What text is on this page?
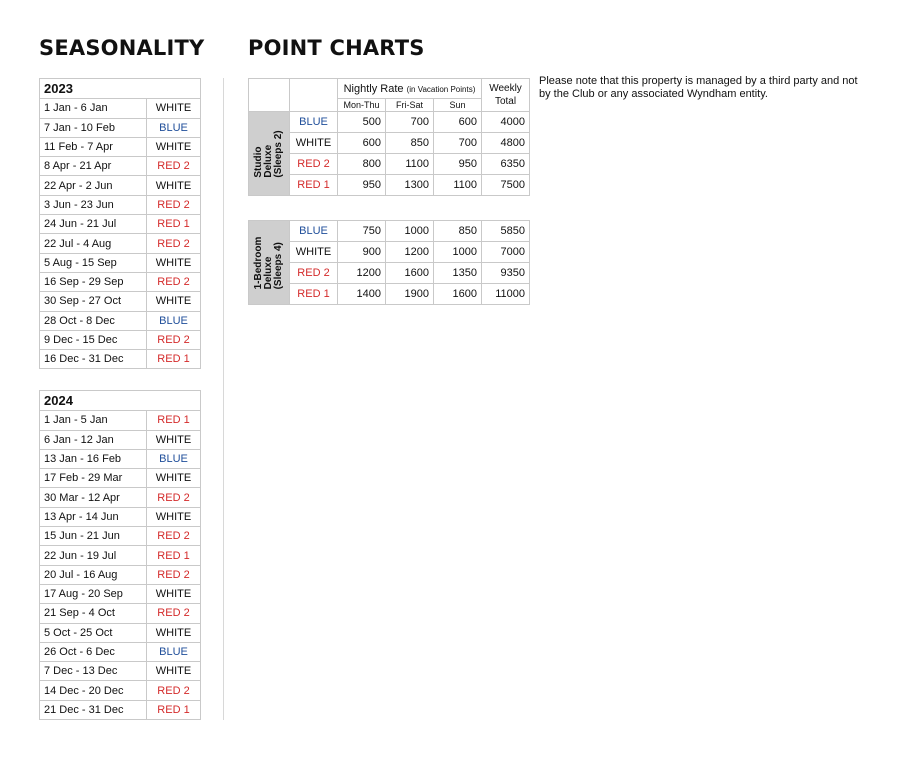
SEASONALITY POINT CHARTS
2023	
1 Jan - 6 Jan	WHITE
7 Jan - 10 Feb	BLUE
11 Feb - 7 Apr	WHITE
8 Apr - 21 Apr	RED 2
22 Apr - 2 Jun	WHITE
3 Jun - 23 Jun	RED 2
24 Jun - 21 Jul	RED 1
22 Jul - 4 Aug	RED 2
5 Aug - 15 Sep	WHITE
16 Sep - 29 Sep	RED 2
30 Sep - 27 Oct	WHITE
28 Oct - 8 Dec	BLUE
9 Dec - 15 Dec	RED 2
16 Dec - 31 Dec	RED 1
2024	
1 Jan - 5 Jan	RED 1
6 Jan - 12 Jan	WHITE
13 Jan - 16 Feb	BLUE
17 Feb - 29 Mar	WHITE
30 Mar - 12 Apr	RED 2
13 Apr - 14 Jun	WHITE
15 Jun - 21 Jun	RED 2
22 Jun - 19 Jul	RED 1
20 Jul - 16 Aug	RED 2
17 Aug - 20 Sep	WHITE
21 Sep - 4 Oct	RED 2
5 Oct - 25 Oct	WHITE
26 Oct - 6 Dec	BLUE
7 Dec - 13 Dec	WHITE
14 Dec - 20 Dec	RED 2
21 Dec - 31 Dec	RED 1
		Nightly Rate (in Vacation Points)			Weekly
Total
		Mon-Thu	Fri-Sat	Sun	

Studio
Deluxe
(Sleeps 2)	BLUE	500	700	600	4000
	WHITE	600	850	700	4800
	RED 2	800	1100	950	6350
	RED 1	950	1300	1100	7500
1-Bedroom
Deluxe
(Sleeps 4)	BLUE	750	1000	850	5850
	WHITE	900	1200	1000	7000
	RED 2	1200	1600	1350	9350
	RED 1	1400	1900	1600	11000

Please note that this property is managed by a third party and not by the Club or any associated Wyndham entity.
